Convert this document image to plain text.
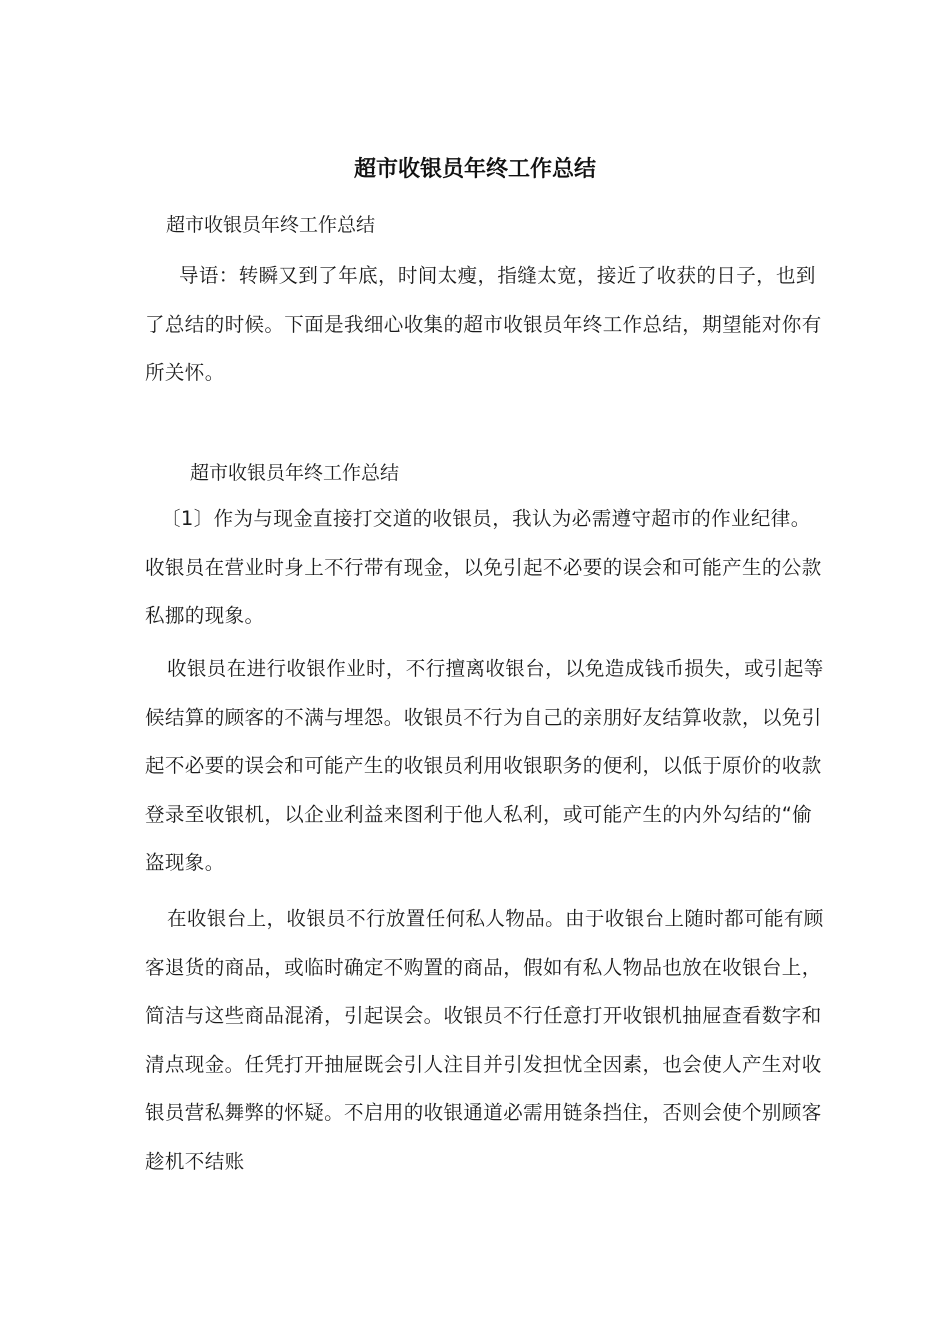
超市收银员年终工作总结
超市收银员年终工作总结
导语：转瞬又到了年底，时间太瘦，指缝太宽，接近了收获的日子，也到了总结的时候。下面是我细心收集的超市收银员年终工作总结，期望能对你有所关怀。
超市收银员年终工作总结
〔1〕作为与现金直接打交道的收银员，我认为必需遵守超市的作业纪律。收银员在营业时身上不行带有现金，以免引起不必要的误会和可能产生的公款私挪的现象。
收银员在进行收银作业时，不行擅离收银台，以免造成钱币损失，或引起等候结算的顾客的不满与埋怨。收银员不行为自己的亲朋好友结算收款，以免引起不必要的误会和可能产生的收银员利用收银职务的便利，以低于原价的收款登录至收银机，以企业利益来图利于他人私利，或可能产生的内外勾结的“偷盗现象。
在收银台上，收银员不行放置任何私人物品。由于收银台上随时都可能有顾客退货的商品，或临时确定不购置的商品，假如有私人物品也放在收银台上，简洁与这些商品混淆，引起误会。收银员不行任意打开收银机抽屉查看数字和清点现金。任凭打开抽屉既会引人注目并引发担忧全因素，也会使人产生对收银员营私舞弊的怀疑。不启用的收银通道必需用链条挡住，否则会使个别顾客趁机不结账
